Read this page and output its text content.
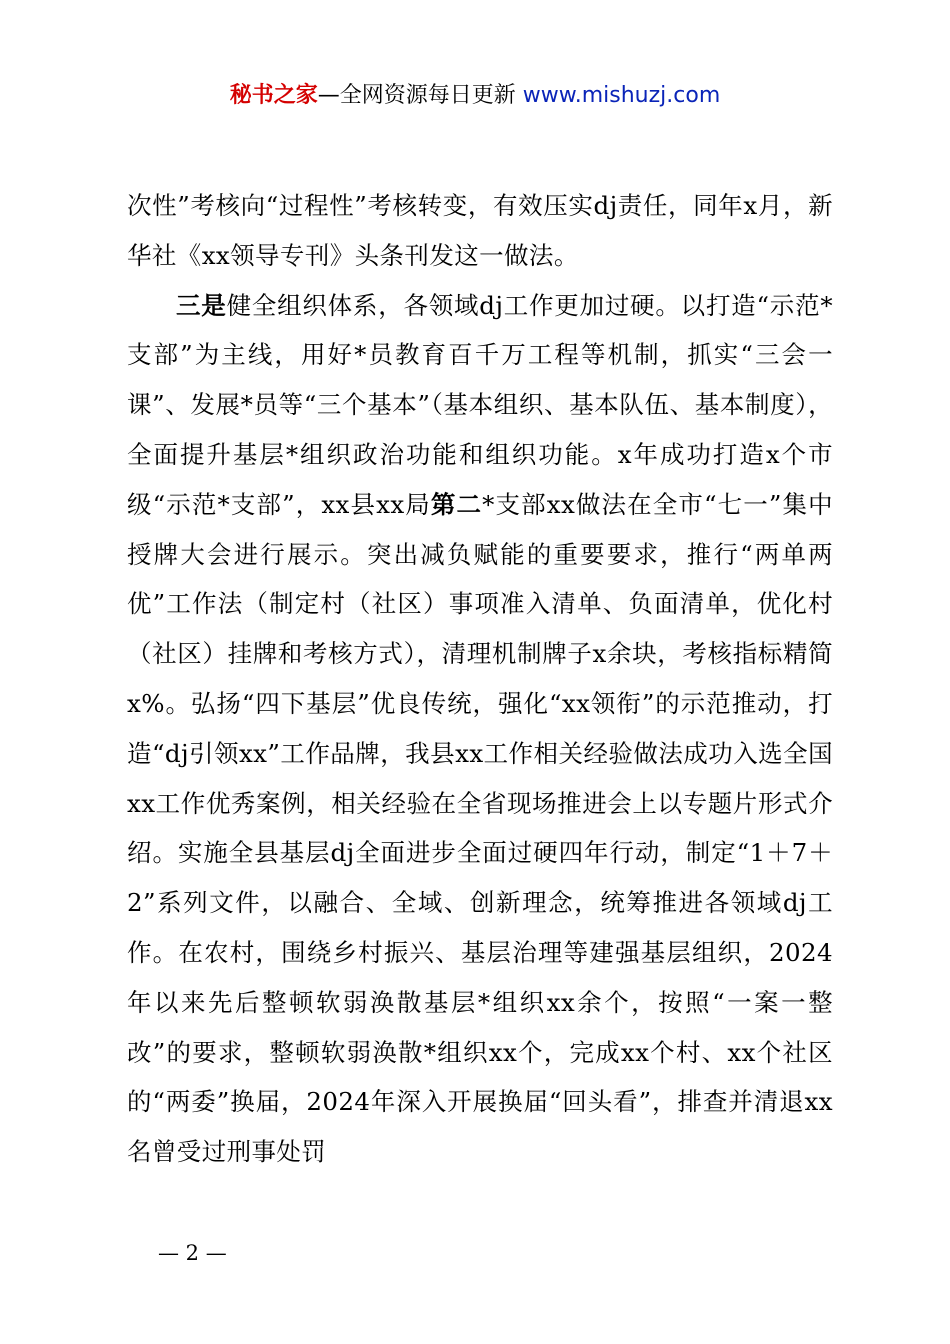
秘书之家—全网资源每日更新 www.mishuzj.com

次性”考核向“过程性”考核转变，有效压实dj责任，同年x月，新华社《xx领导专刊》头条刊发这一做法。

三是健全组织体系，各领域dj工作更加过硬。以打造“示范*支部”为主线，用好*员教育百千万工程等机制，抓实“三会一课”、发展*员等“三个基本”（基本组织、基本队伍、基本制度），全面提升基层*组织政治功能和组织功能。x年成功打造x个市级“示范*支部”，xx县xx局第二*支部xx做法在全市“七一”集中授牌大会进行展示。突出减负赋能的重要要求，推行“两单两优”工作法（制定村（社区）事项准入清单、负面清单，优化村（社区）挂牌和考核方式），清理机制牌子x余块，考核指标精简x%。弘扬“四下基层”优良传统，强化“xx领衔”的示范推动，打造“dj引领xx”工作品牌，我县xx工作相关经验做法成功入选全国xx工作优秀案例，相关经验在全省现场推进会上以专题片形式介绍。实施全县基层dj全面进步全面过硬四年行动，制定“1＋7＋2”系列文件，以融合、全域、创新理念，统筹推进各领域dj工作。在农村，围绕乡村振兴、基层治理等建强基层组织，2024年以来先后整顿软弱涣散基层*组织xx余个，按照“一案一整改”的要求，整顿软弱涣散*组织xx个，完成xx个村、xx个社区的“两委”换届，2024年深入开展换届“回头看”，排查并清退xx名曾受过刑事处罚

— 2 —
